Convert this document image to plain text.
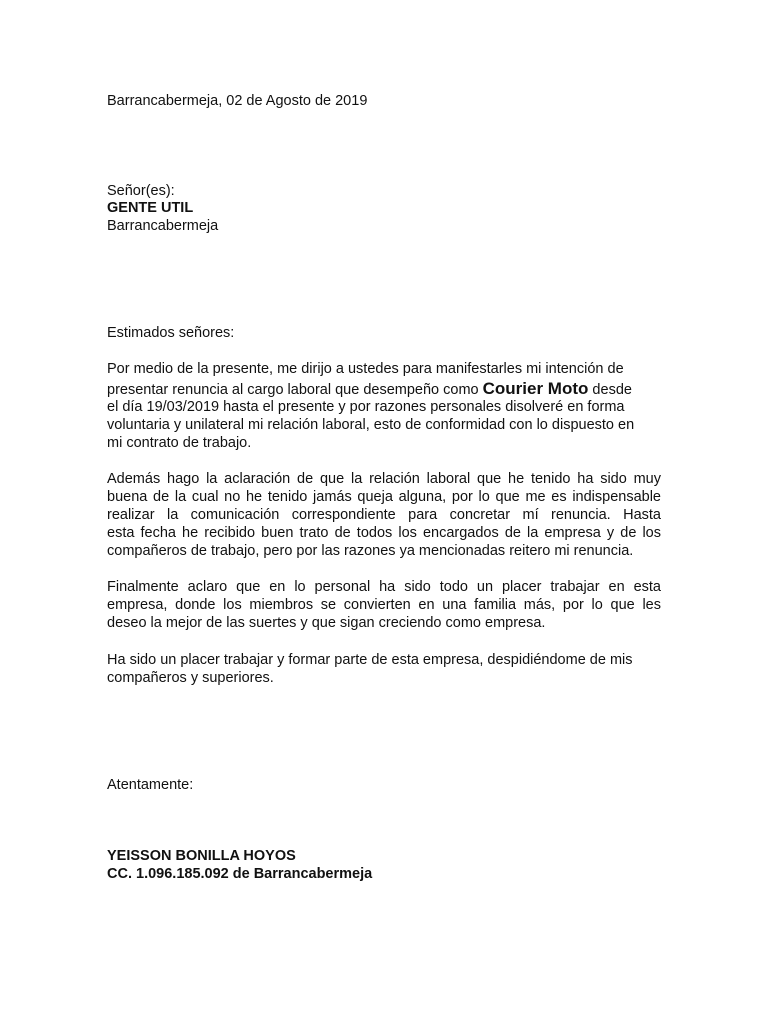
Barrancabermeja, 02 de Agosto de 2019
Señor(es):
GENTE UTIL
Barrancabermeja
Estimados señores:
Por medio de la presente, me dirijo a ustedes para manifestarles mi intención de
presentar renuncia al cargo laboral que desempeño como Courier Moto desde
el día 19/03/2019 hasta el presente y por razones personales disolveré en forma
voluntaria y unilateral mi relación laboral, esto de conformidad con lo dispuesto en
mi contrato de trabajo.
Además hago la aclaración de que la relación laboral que he tenido ha sido muy
buena de la cual no he tenido jamás queja alguna, por lo que me es indispensable
realizar la comunicación correspondiente para concretar mí renuncia. Hasta
esta fecha he recibido buen trato de todos los encargados de la empresa y de los
compañeros de trabajo, pero por las razones ya mencionadas reitero mi renuncia.
Finalmente aclaro que en lo personal ha sido todo un placer trabajar en esta
empresa, donde los miembros se convierten en una familia más, por lo que les
deseo la mejor de las suertes y que sigan creciendo como empresa.
Ha sido un placer trabajar y formar parte de esta empresa, despidiéndome de mis
compañeros y superiores.
Atentamente:
YEISSON BONILLA HOYOS
CC. 1.096.185.092 de Barrancabermeja
